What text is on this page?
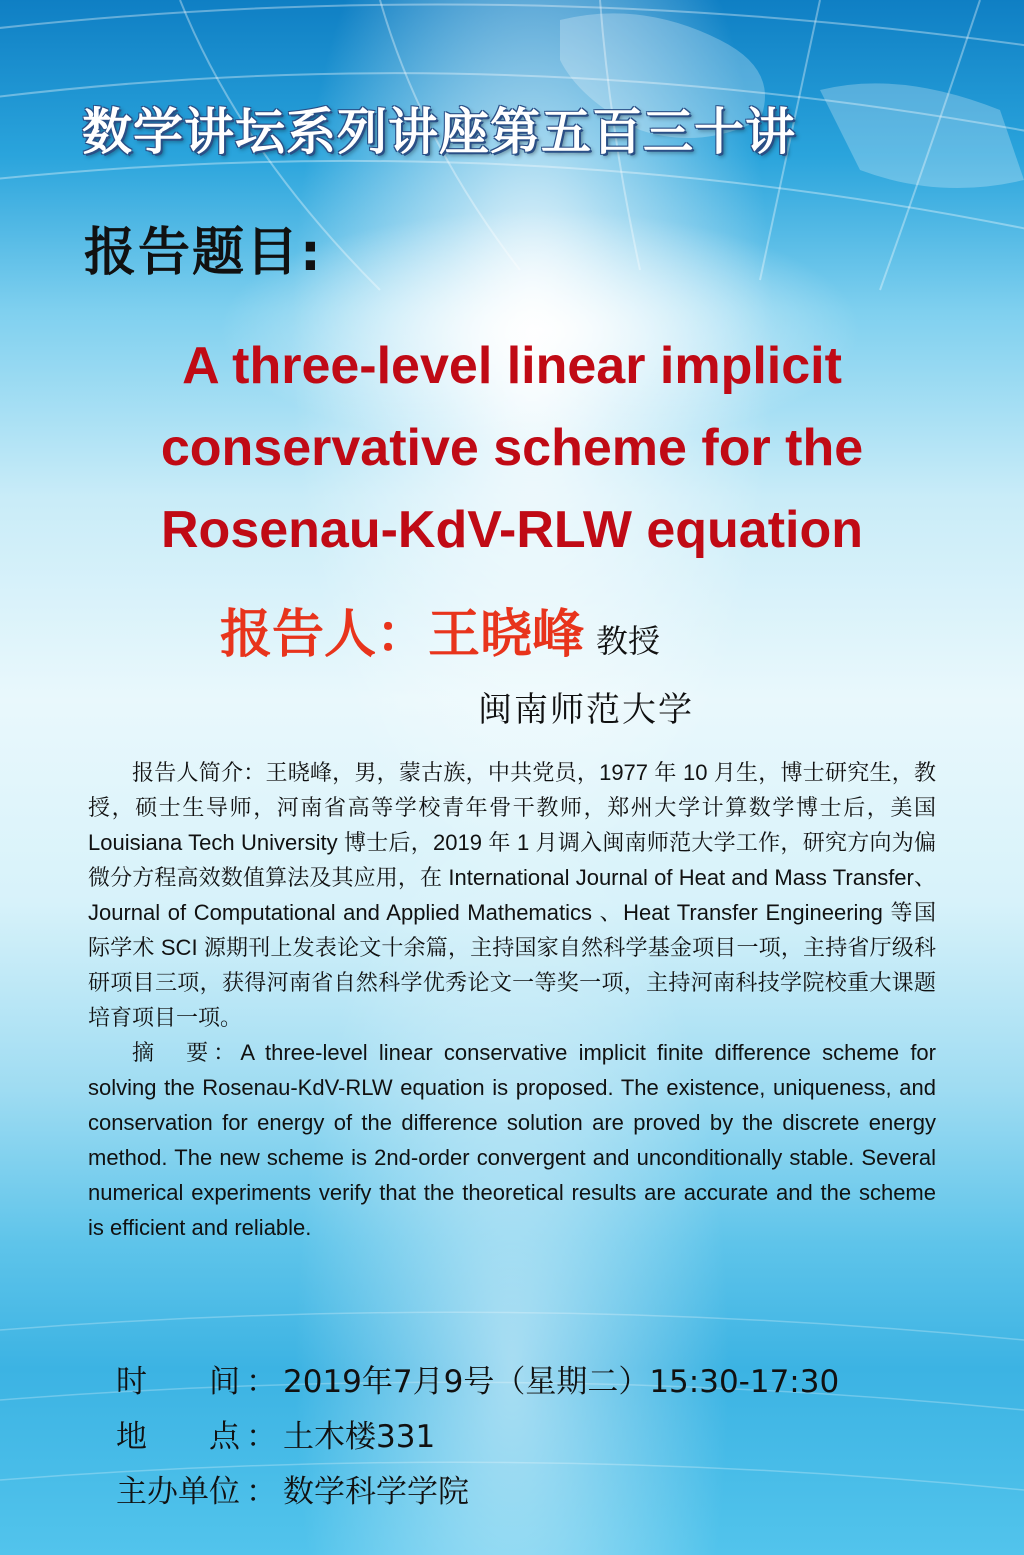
数学讲坛系列讲座第五百三十讲
报告题目:
A three-level linear implicit
conservative scheme for the
Rosenau-KdV-RLW equation
报告人：王晓峰 教授
闽南师范大学

报告人简介：王晓峰，男，蒙古族，中共党员，1977 年 10 月生，博士研究生，教授，硕士生导师，河南省高等学校青年骨干教师，郑州大学计算数学博士后，美国 Louisiana Tech University 博士后，2019 年 1 月调入闽南师范大学工作，研究方向为偏微分方程高效数值算法及其应用，在 International Journal of Heat and Mass Transfer、Journal of Computational and Applied Mathematics 、Heat Transfer Engineering 等国际学术 SCI 源期刊上发表论文十余篇，主持国家自然科学基金项目一项，主持省厅级科研项目三项，获得河南省自然科学优秀论文一等奖一项，主持河南科技学院校重大课题培育项目一项。

摘　要：A three-level linear conservative implicit finite difference scheme for solving the Rosenau-KdV-RLW equation is proposed. The existence, uniqueness, and conservation for energy of the difference solution are proved by the discrete energy method. The new scheme is 2nd-order convergent and unconditionally stable. Several numerical experiments verify that the theoretical results are accurate and the scheme is efficient and reliable.

时　　间 ： 2019年7月9号（星期二）15:30-17:30
地　　点 ： 土木楼331
主办单位 ： 数学科学学院
